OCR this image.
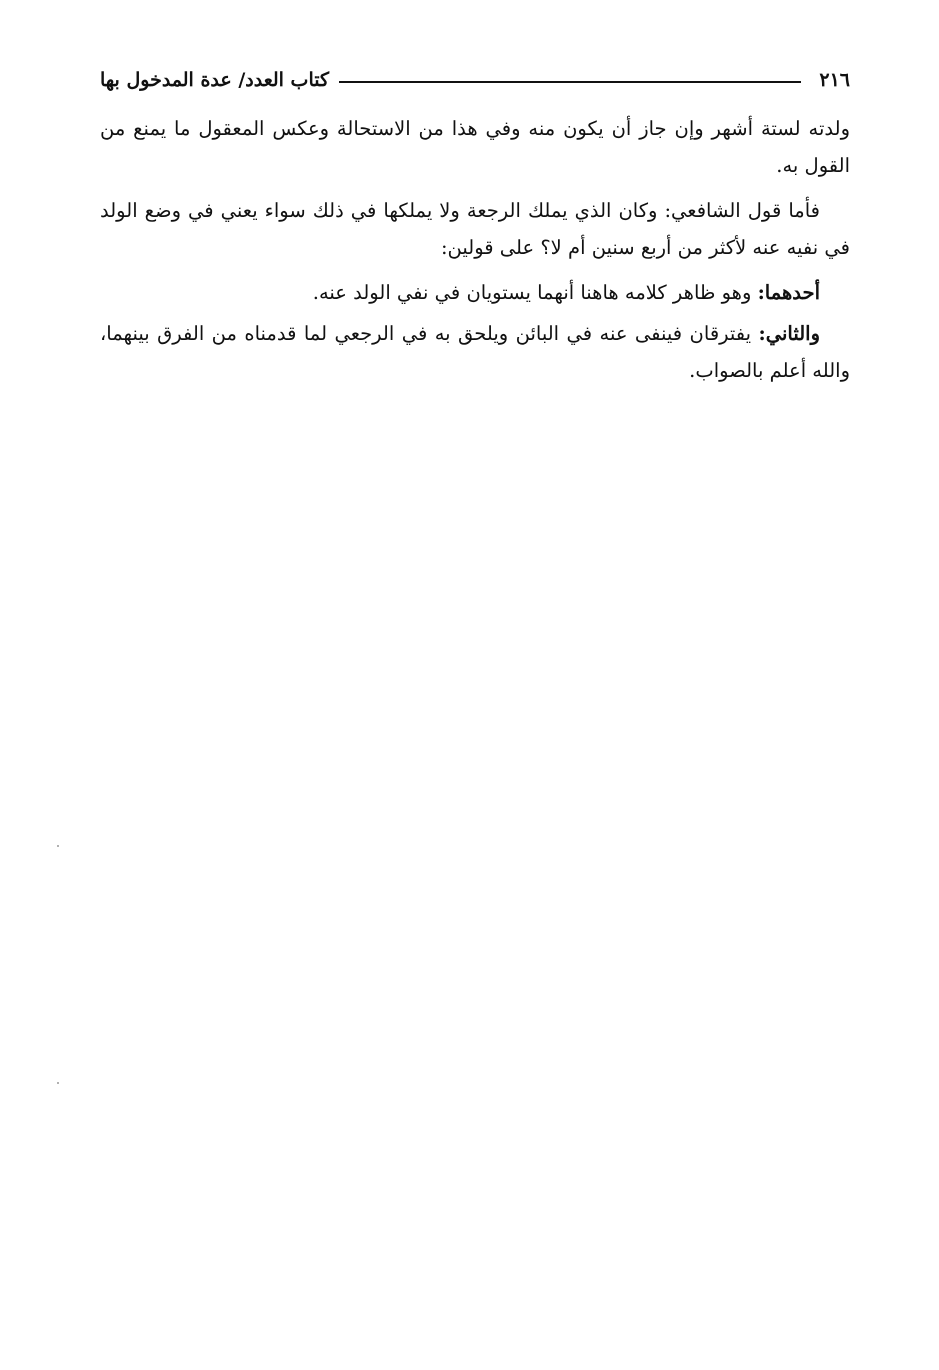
٢١٦
كتاب العدد/ عدة المدخول بها

ولدته لستة أشهر وإن جاز أن يكون منه وفي هذا من الاستحالة وعكس المعقول ما يمنع من القول به.

فأما قول الشافعي: وكان الذي يملك الرجعة ولا يملكها في ذلك سواء يعني في وضع الولد في نفيه عنه لأكثر من أربع سنين أم لا؟ على قولين:

أحدهما: وهو ظاهر كلامه هاهنا أنهما يستويان في نفي الولد عنه.

والثاني: يفترقان فينفى عنه في البائن ويلحق به في الرجعي لما قدمناه من الفرق بينهما، والله أعلم بالصواب.
